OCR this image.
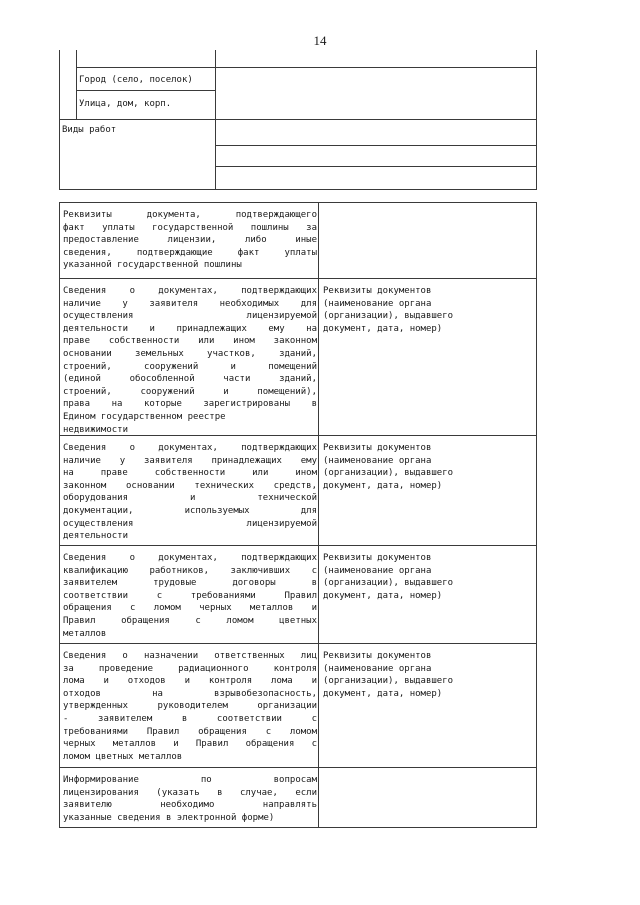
14
Город (село, поселок)
Улица, дом, корп.
Виды работ
Реквизиты документа, подтверждающего
факт уплаты государственной пошлины за
предоставление лицензии, либо иные
сведения, подтверждающие факт уплаты
указанной государственной пошлины
Сведения о документах, подтверждающих
наличие у заявителя необходимых для
осуществления лицензируемой
деятельности и принадлежащих ему на
праве собственности или ином законном
основании земельных участков, зданий,
строений, сооружений и помещений
(единой обособленной части зданий,
строений, сооружений и помещений),
права на которые зарегистрированы в
Едином государственном реестре
недвижимости
Реквизиты документов
(наименование органа
(организации), выдавшего
документ, дата, номер)
Сведения о документах, подтверждающих
наличие у заявителя принадлежащих ему
на праве собственности или ином
законном основании технических средств,
оборудования и технической
документации, используемых для
осуществления лицензируемой
деятельности
Реквизиты документов
(наименование органа
(организации), выдавшего
документ, дата, номер)
Сведения о документах, подтверждающих
квалификацию работников, заключивших с
заявителем трудовые договоры в
соответствии с требованиями Правил
обращения с ломом черных металлов и
Правил обращения с ломом цветных
металлов
Реквизиты документов
(наименование органа
(организации), выдавшего
документ, дата, номер)
Сведения о назначении ответственных лиц
за проведение радиационного контроля
лома и отходов и контроля лома и
отходов на взрывобезопасность,
утвержденных руководителем организации
- заявителем в соответствии с
требованиями Правил обращения с ломом
черных металлов и Правил обращения с
ломом цветных металлов
Реквизиты документов
(наименование органа
(организации), выдавшего
документ, дата, номер)
Информирование по вопросам
лицензирования (указать в случае, если
заявителю необходимо направлять
указанные сведения в электронной форме)
